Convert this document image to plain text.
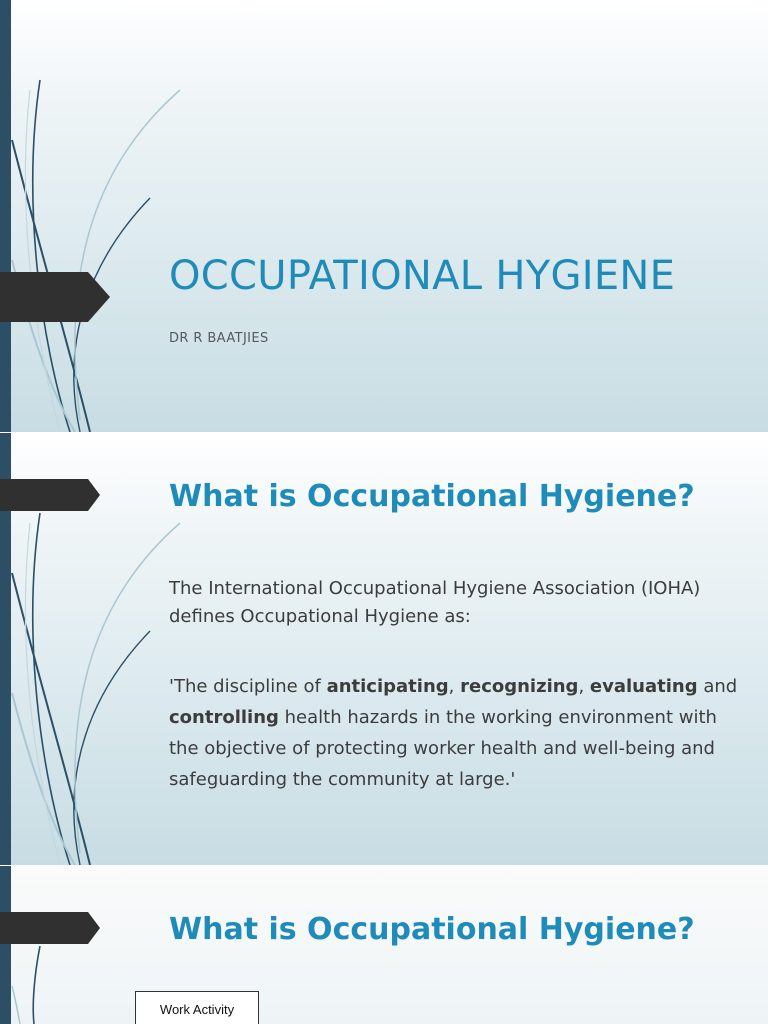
OCCUPATIONAL HYGIENE

DR R BAATJIES

What is Occupational Hygiene?

The International Occupational Hygiene Association (IOHA) defines Occupational Hygiene as:

'The discipline of anticipating, recognizing, evaluating and controlling health hazards in the working environment with the objective of protecting worker health and well-being and safeguarding the community at large.'

What is Occupational Hygiene?
Work Activity
